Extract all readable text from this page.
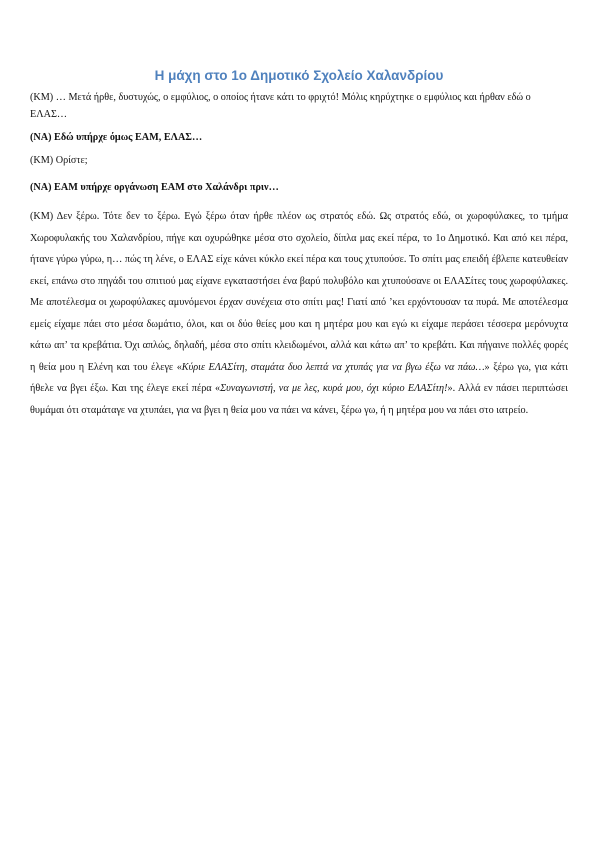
Η μάχη στο 1ο Δημοτικό Σχολείο Χαλανδρίου

(ΚΜ) … Μετά ήρθε, δυστυχώς, ο εμφύλιος, ο οποίος ήτανε κάτι το φριχτό! Μόλις κηρύχτηκε ο εμφύλιος και ήρθαν εδώ ο ΕΛΑΣ…

(ΝΑ) Εδώ υπήρχε όμως ΕΑΜ, ΕΛΑΣ…

(ΚΜ) Ορίστε;

(ΝΑ) ΕΑΜ υπήρχε οργάνωση ΕΑΜ στο Χαλάνδρι πριν…

(ΚΜ) Δεν ξέρω. Τότε δεν το ξέρω. Εγώ ξέρω όταν ήρθε πλέον ως στρατός εδώ. Ως στρατός εδώ, οι χωροφύλακες, το τμήμα Χωροφυλακής του Χαλανδρίου, πήγε και οχυρώθηκε μέσα στο σχολείο, δίπλα μας εκεί πέρα, το 1ο Δημοτικό. Και από κει πέρα, ήτανε γύρω γύρω, η… πώς τη λένε, ο ΕΛΑΣ είχε κάνει κύκλο εκεί πέρα και τους χτυπούσε. Το σπίτι μας επειδή έβλεπε κατευθείαν εκεί, επάνω στο πηγάδι του σπιτιού μας είχανε εγκαταστήσει ένα βαρύ πολυβόλο και χτυπούσανε οι ΕΛΑΣίτες τους χωροφύλακες. Με αποτέλεσμα οι χωροφύλακες αμυνόμενοι έρχαν συνέχεια στο σπίτι μας! Γιατί από ’κει ερχόντουσαν τα πυρά. Με αποτέλεσμα εμείς είχαμε πάει στο μέσα δωμάτιο, όλοι, και οι δύο θείες μου και η μητέρα μου και εγώ κι είχαμε περάσει τέσσερα μερόνυχτα κάτω απ’ τα κρεβάτια. Όχι απλώς, δηλαδή, μέσα στο σπίτι κλειδωμένοι, αλλά και κάτω απ’ το κρεβάτι. Και πήγαινε πολλές φορές η θεία μου η Ελένη και του έλεγε «Κύριε ΕΛΑΣίτη, σταμάτα δυο λεπτά να χτυπάς για να βγω έξω να πάω…» ξέρω γω, για κάτι ήθελε να βγει έξω. Και της έλεγε εκεί πέρα «Συναγωνιστή, να με λες, κυρά μου, όχι κύριο ΕΛΑΣίτη!». Αλλά εν πάσει περιπτώσει θυμάμαι ότι σταμάταγε να χτυπάει, για να βγει η θεία μου να πάει να κάνει, ξέρω γω, ή η μητέρα μου να πάει στο ιατρείο.
